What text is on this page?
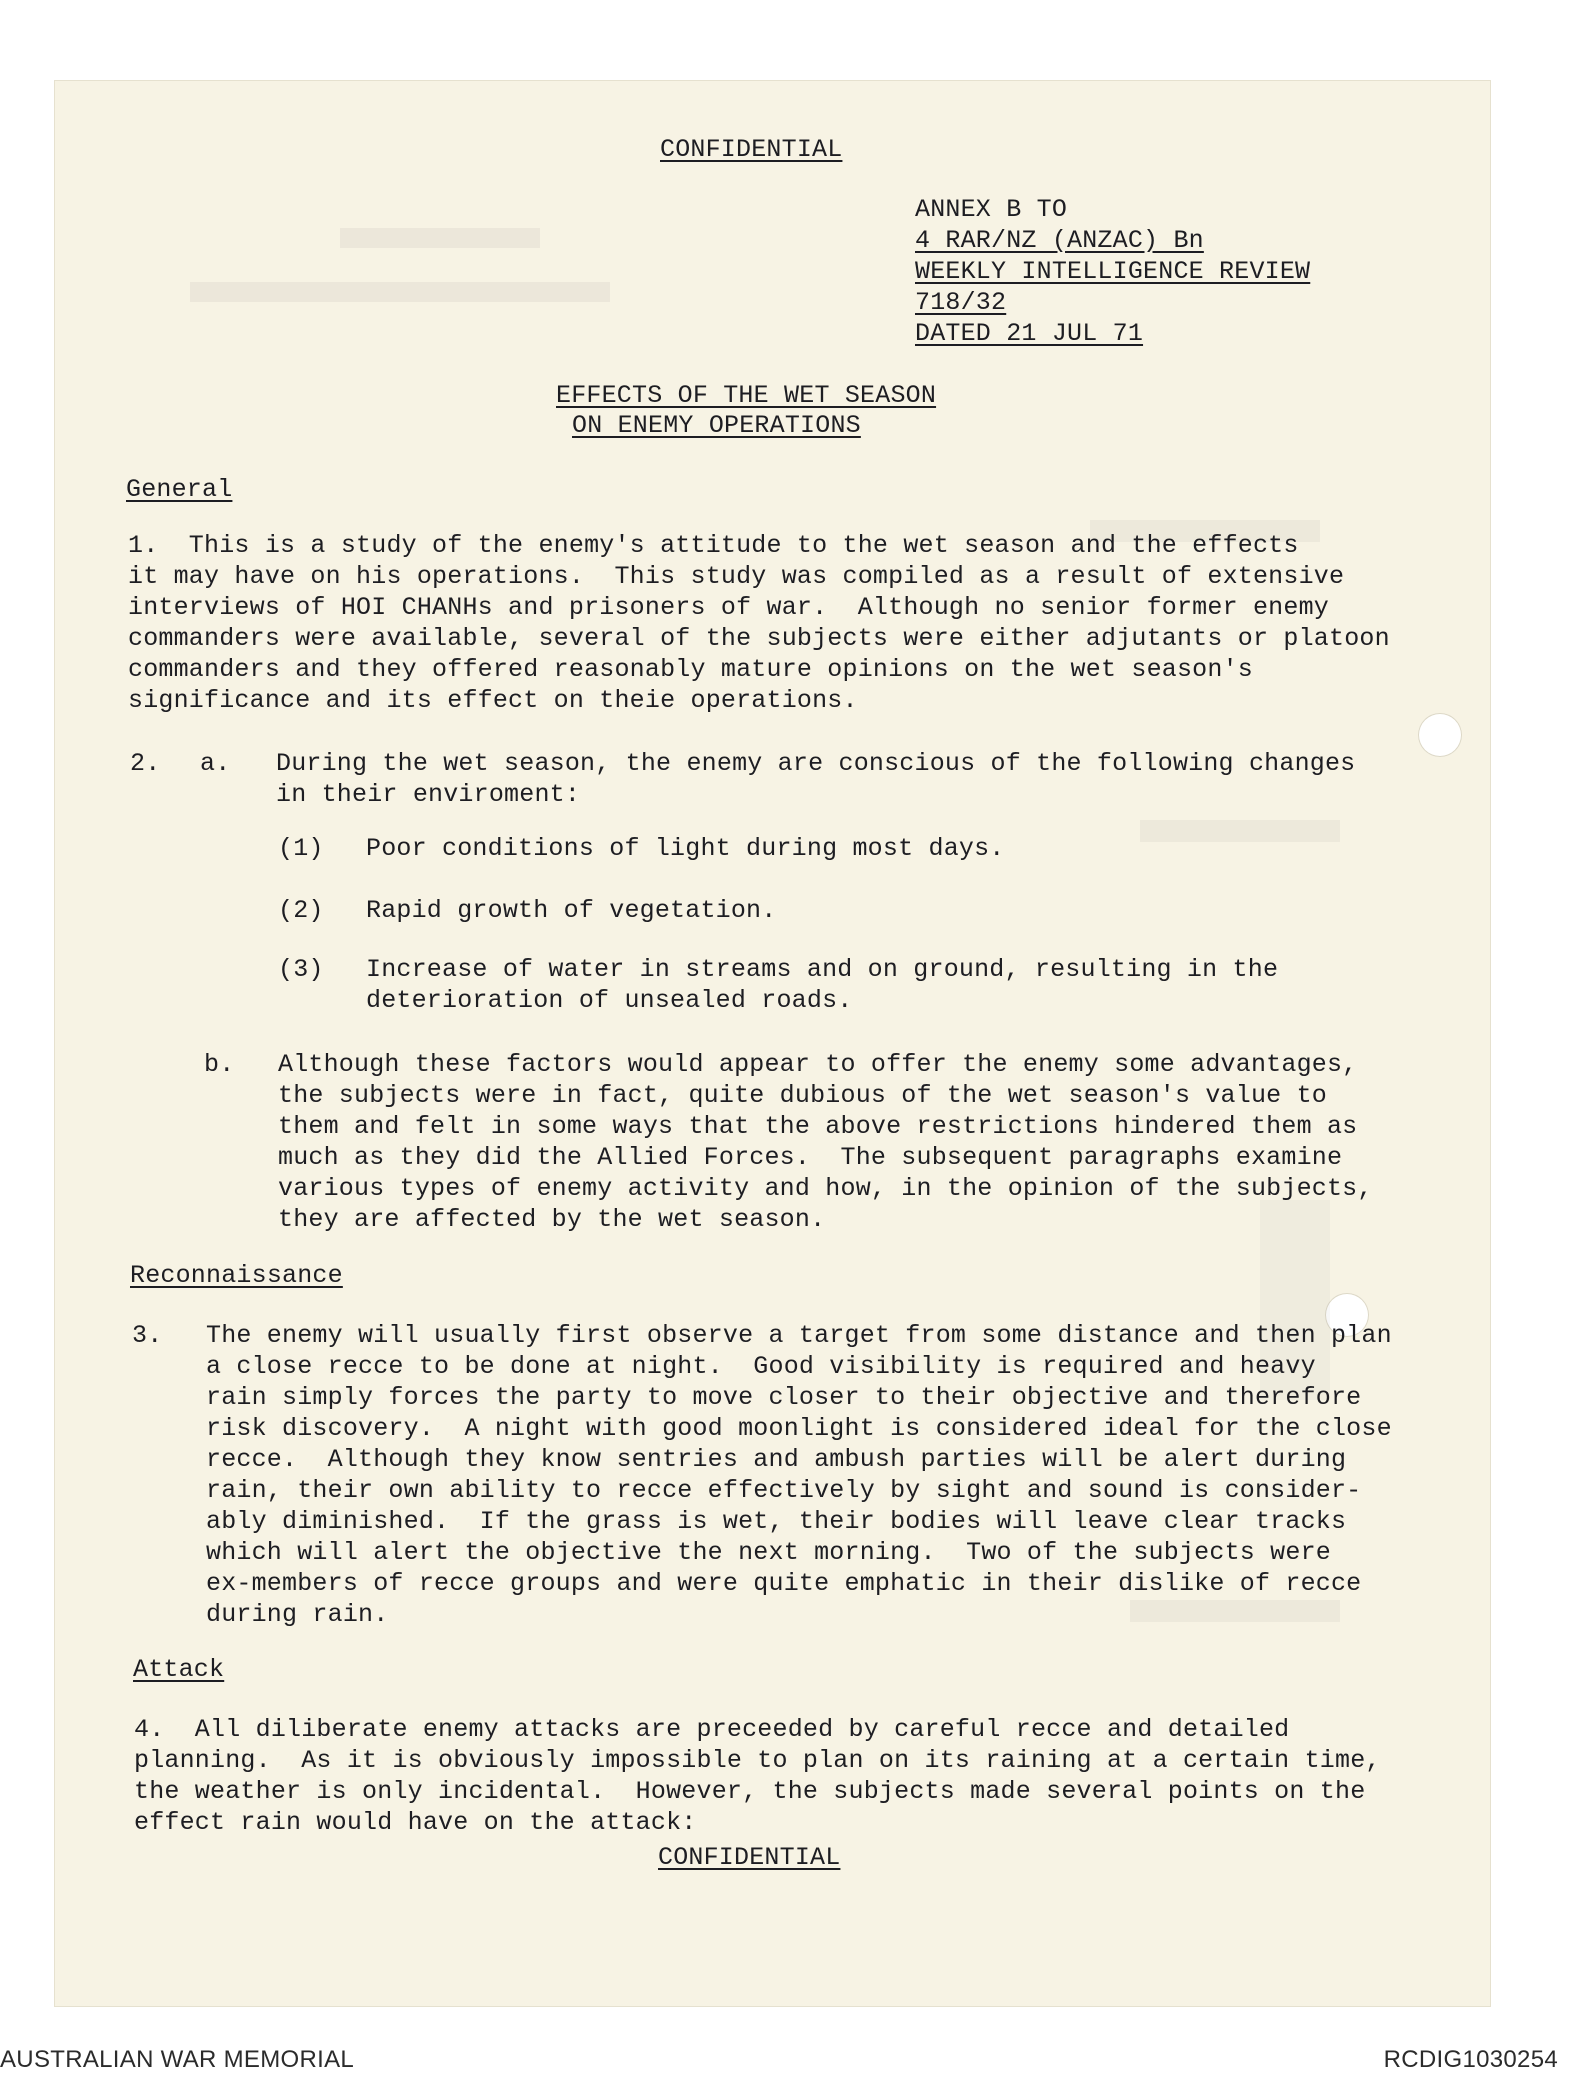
CONFIDENTIAL
ANNEX B TO
4 RAR/NZ (ANZAC) Bn
WEEKLY INTELLIGENCE REVIEW
718/32
DATED 21 JUL 71
EFFECTS OF THE WET SEASON
ON ENEMY OPERATIONS
General
1.  This is a study of the enemy's attitude to the wet season and the effects
it may have on his operations.  This study was compiled as a result of extensive
interviews of HOI CHANHs and prisoners of war.  Although no senior former enemy
commanders were available, several of the subjects were either adjutants or platoon
commanders and they offered reasonably mature opinions on the wet season's
significance and its effect on theie operations.
2. a. During the wet season, the enemy are conscious of the following changes
in their enviroment:
(1) Poor conditions of light during most days.
(2) Rapid growth of vegetation.
(3) Increase of water in streams and on ground, resulting in the
deterioration of unsealed roads.
b. Although these factors would appear to offer the enemy some advantages,
the subjects were in fact, quite dubious of the wet season's value to
them and felt in some ways that the above restrictions hindered them as
much as they did the Allied Forces.  The subsequent paragraphs examine
various types of enemy activity and how, in the opinion of the subjects,
they are affected by the wet season.
Reconnaissance
3. The enemy will usually first observe a target from some distance and then plan
a close recce to be done at night.  Good visibility is required and heavy
rain simply forces the party to move closer to their objective and therefore
risk discovery.  A night with good moonlight is considered ideal for the close
recce.  Although they know sentries and ambush parties will be alert during
rain, their own ability to recce effectively by sight and sound is consider-
ably diminished.  If the grass is wet, their bodies will leave clear tracks
which will alert the objective the next morning.  Two of the subjects were
ex-members of recce groups and were quite emphatic in their dislike of recce
during rain.
Attack
4.  All diliberate enemy attacks are preceeded by careful recce and detailed
planning.  As it is obviously impossible to plan on its raining at a certain time,
the weather is only incidental.  However, the subjects made several points on the
effect rain would have on the attack:
CONFIDENTIAL
AUSTRALIAN WAR MEMORIAL	RCDIG1030254
